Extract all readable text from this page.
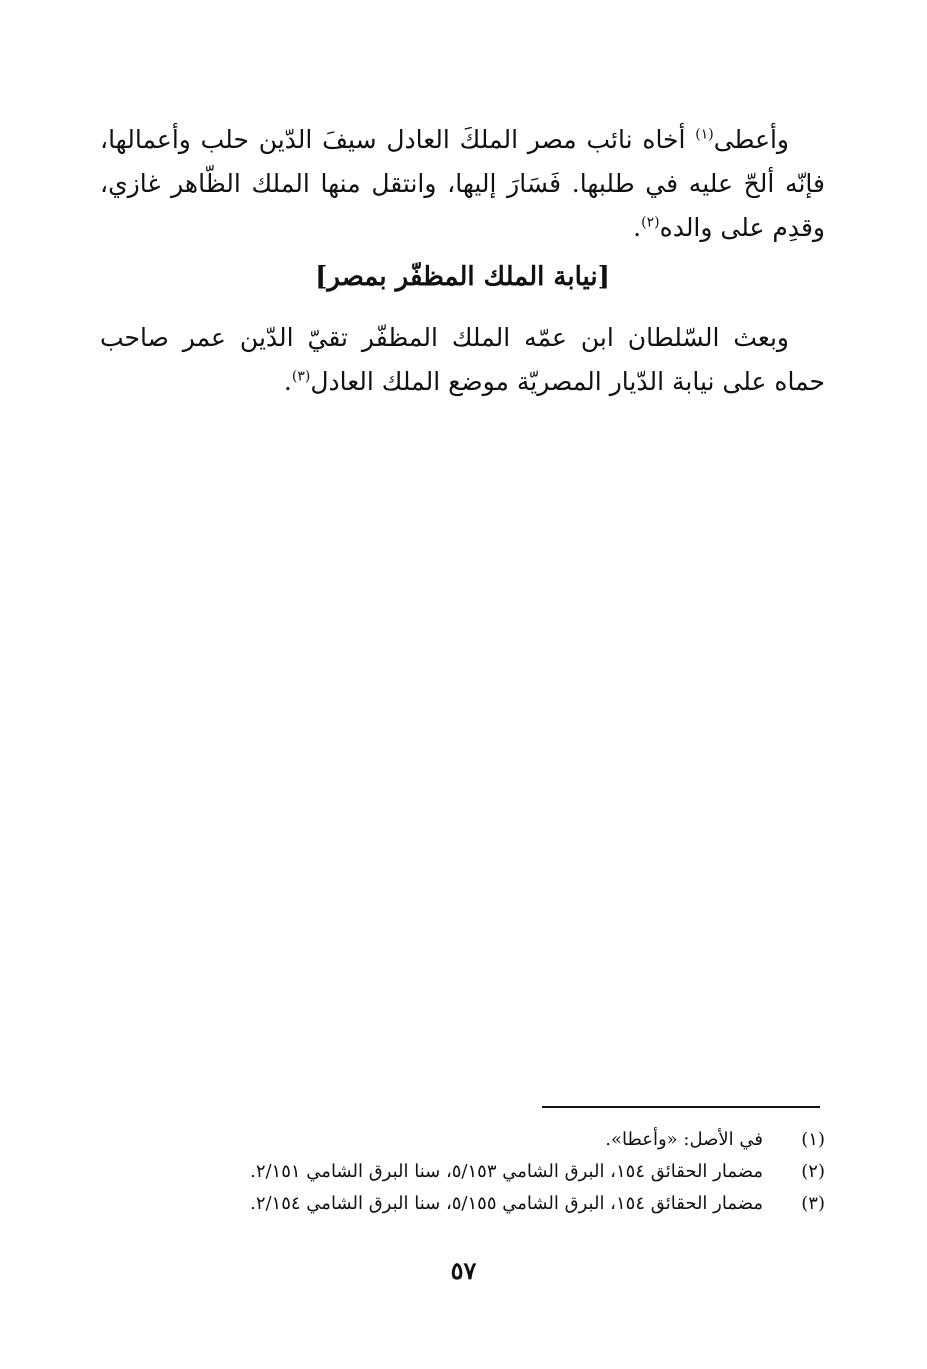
وأعطى$^{(١)}$ أخاه نائب مصر الملكَ العادل سيفَ الدّين حلب وأعمالها، فإنّه ألحّ عليه في طلبها. فَسَارَ إليها، وانتقل منها الملك الظّاهر غازي، وقدِم على والده$^{(٢)}$.
[نيابة الملك المظفّر بمصر]
وبعث السّلطان ابن عمّه الملك المظفّر تقيّ الدّين عمر صاحب حماه على نيابة الدّيار المصريّة موضع الملك العادل$^{(٣)}$.
(١)
في الأصل: «وأعطا».
(٢)
مضمار الحقائق ١٥٤، البرق الشامي ٥/١٥٣، سنا البرق الشامي ٢/١٥١.
(٣)
مضمار الحقائق ١٥٤، البرق الشامي ٥/١٥٥، سنا البرق الشامي ٢/١٥٤.
٥٧
